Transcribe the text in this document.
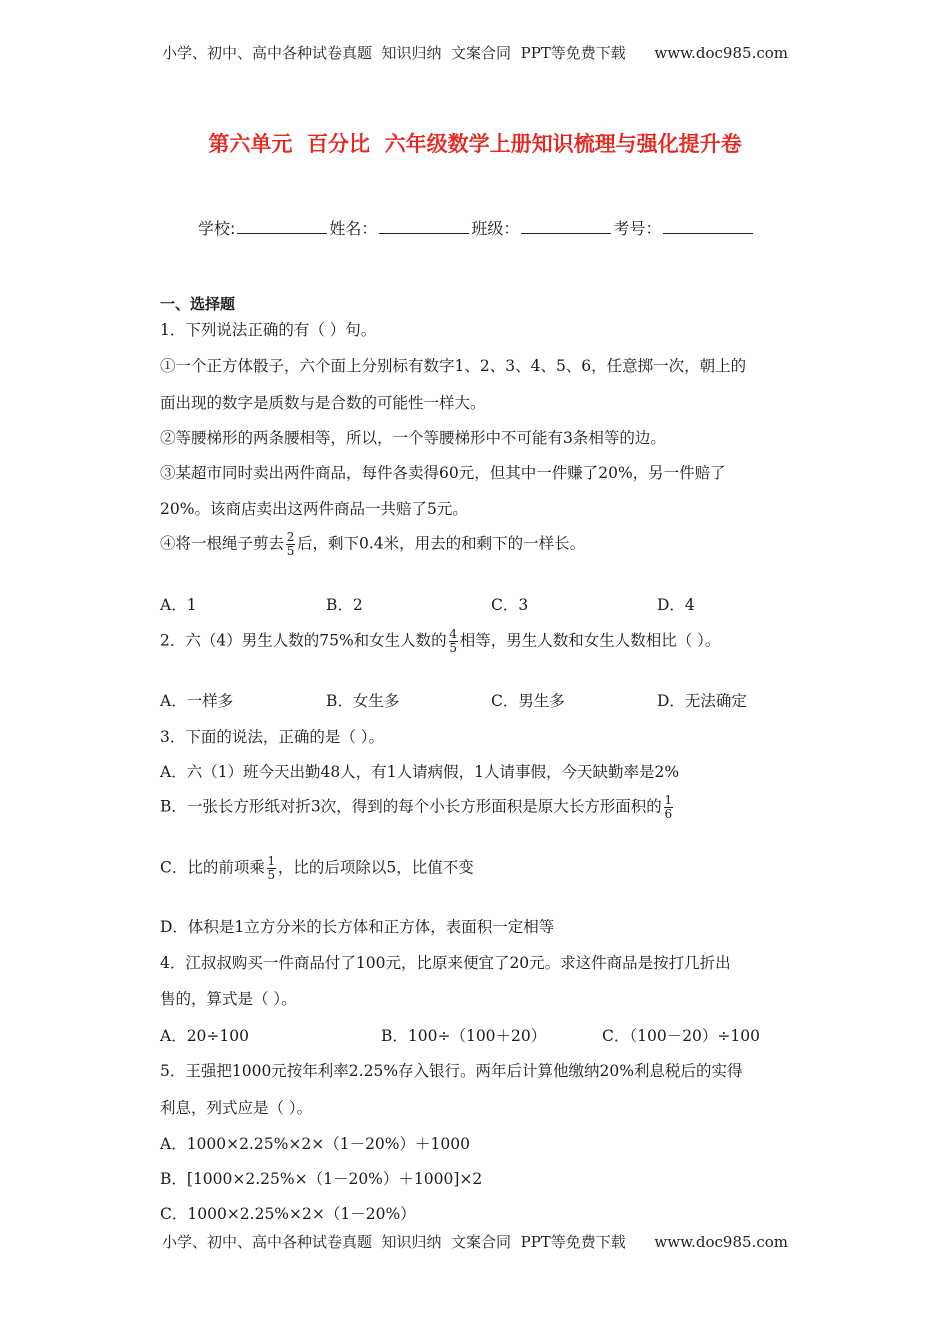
小学、初中、高中各种试卷真题  知识归纳  文案合同  PPT等免费下载      www.doc985.com
第六单元  百分比  六年级数学上册知识梳理与强化提升卷
学校:	姓名：	班级：	考号：
一、选择题
1．下列说法正确的有（ ）句。
①一个正方体骰子，六个面上分别标有数字1、2、3、4、5、6，任意掷一次，朝上的
面出现的数字是质数与是合数的可能性一样大。
②等腰梯形的两条腰相等，所以，一个等腰梯形中不可能有3条相等的边。
③某超市同时卖出两件商品，每件各卖得60元，但其中一件赚了20%，另一件赔了
20%。该商店卖出这两件商品一共赔了5元。
④将一根绳子剪去 $\frac{2}{5}$ 后，剩下0.4米，用去的和剩下的一样长。
A．1	B．2	C．3	D．4
2．六（4）男生人数的75%和女生人数的 $\frac{4}{5}$ 相等，男生人数和女生人数相比（ ）。
A．一样多	B．女生多	C．男生多	D．无法确定
3．下面的说法，正确的是（ ）。
A．六（1）班今天出勤48人，有1人请病假，1人请事假，今天缺勤率是2%
B．一张长方形纸对折3次，得到的每个小长方形面积是原大长方形面积的 $\frac{1}{6}$
C．比的前项乘 $\frac{1}{5}$ ，比的后项除以5，比值不变
D．体积是1立方分米的长方体和正方体，表面积一定相等
4．江叔叔购买一件商品付了100元，比原来便宜了20元。求这件商品是按打几折出
售的，算式是（ ）。
A．20÷100	B．100÷（100＋20）	C．（100－20）÷100
5．王强把1000元按年利率2.25%存入银行。两年后计算他缴纳20%利息税后的实得
利息，列式应是（ ）。
A．1000×2.25%×2×（1－20%）＋1000
B．[1000×2.25%×（1－20%）＋1000]×2
C．1000×2.25%×2×（1－20%）
小学、初中、高中各种试卷真题  知识归纳  文案合同  PPT等免费下载      www.doc985.com
